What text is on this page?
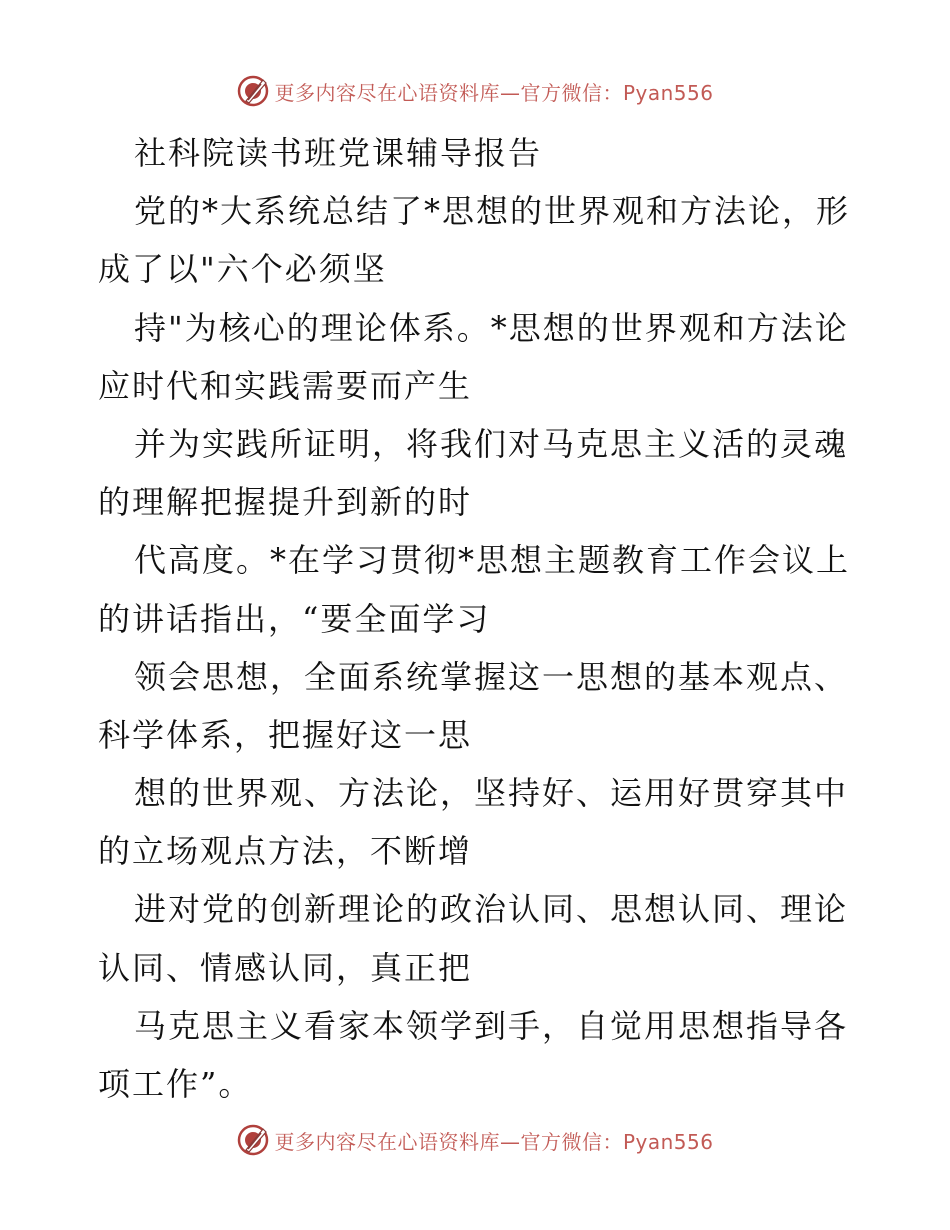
更多内容尽在心语资料库—官方微信：Pyan556
社科院读书班党课辅导报告
党的*大系统总结了*思想的世界观和方法论，形
成了以"六个必须坚
持"为核心的理论体系。*思想的世界观和方法论
应时代和实践需要而产生
并为实践所证明，将我们对马克思主义活的灵魂
的理解把握提升到新的时
代高度。*在学习贯彻*思想主题教育工作会议上
的讲话指出，“要全面学习
领会思想，全面系统掌握这一思想的基本观点、
科学体系，把握好这一思
想的世界观、方法论，坚持好、运用好贯穿其中
的立场观点方法，不断增
进对党的创新理论的政治认同、思想认同、理论
认同、情感认同，真正把
马克思主义看家本领学到手，自觉用思想指导各
项工作”。
更多内容尽在心语资料库—官方微信：Pyan556
